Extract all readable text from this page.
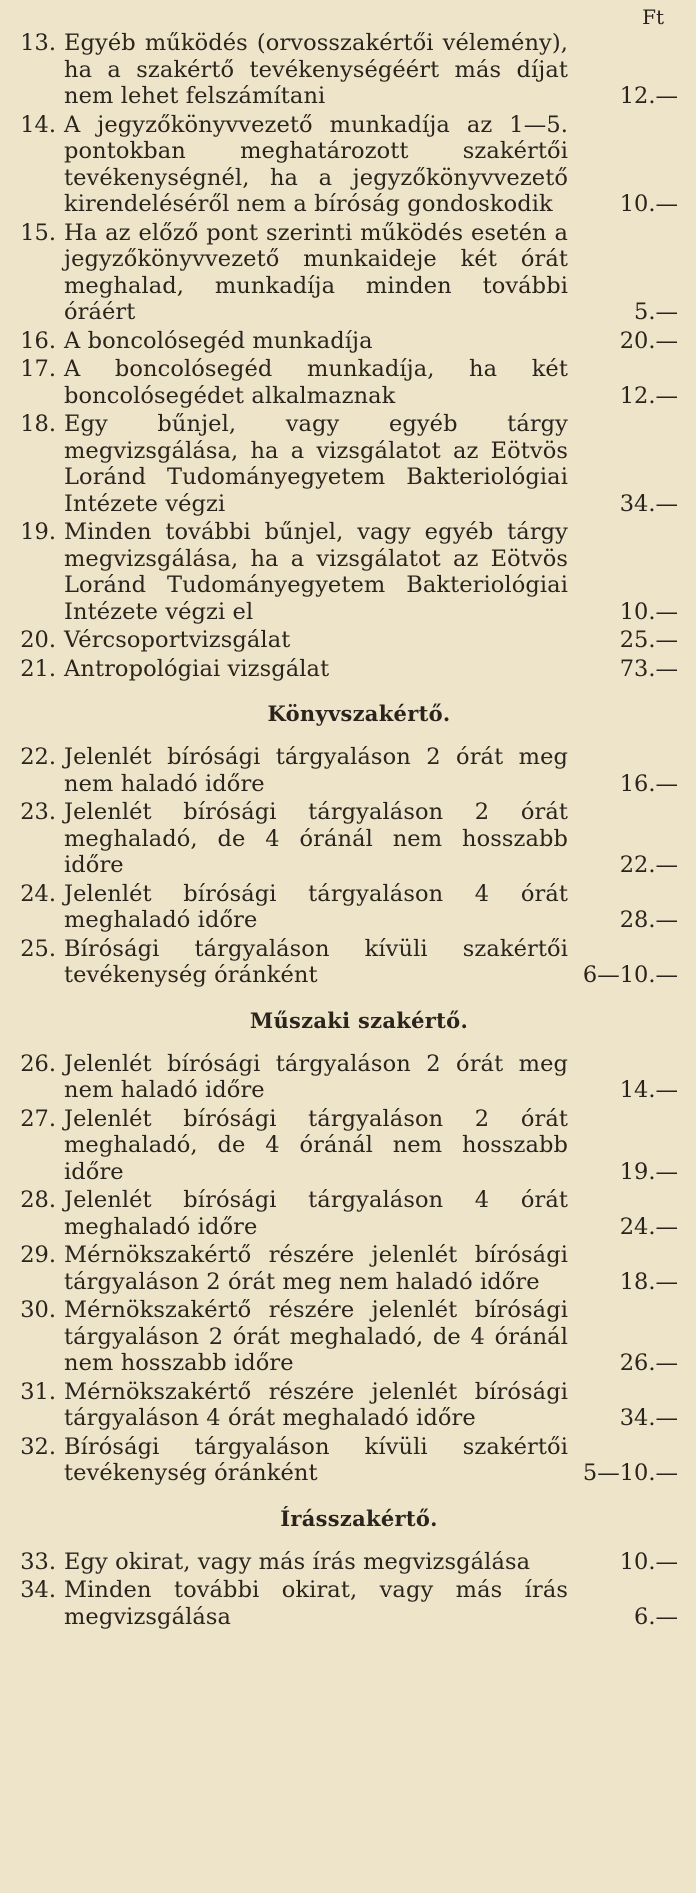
Ft
13. Egyéb működés (orvosszakértői vélemény), ha a szakértő tevékenységéért más díjat nem lehet felszámítani	12.—
14. A jegyzőkönyvvezető munkadíja az 1—5. pontokban meghatározott szakértői tevékenységnél, ha a jegyzőkönyvvezető kirendeléséről nem a bíróság gondoskodik	10.—
15. Ha az előző pont szerinti működés esetén a jegyzőkönyvvezető munkaideje két órát meghalad, munkadíja minden további óráért	5.—
16. A boncolósegéd munkadíja	20.—
17. A boncolósegéd munkadíja, ha két boncolósegédet alkalmaznak	12.—
18. Egy bűnjel, vagy egyéb tárgy megvizsgálása, ha a vizsgálatot az Eötvös Loránd Tudományegyetem Bakteriológiai Intézete végzi	34.—
19. Minden további bűnjel, vagy egyéb tárgy megvizsgálása, ha a vizsgálatot az Eötvös Loránd Tudományegyetem Bakteriológiai Intézete végzi el	10.—
20. Vércsoportvizsgálat	25.—
21. Antropológiai vizsgálat	73.—
Könyvszakértő.
22. Jelenlét bírósági tárgyaláson 2 órát meg nem haladó időre	16.—
23. Jelenlét bírósági tárgyaláson 2 órát meghaladó, de 4 óránál nem hosszabb időre	22.—
24. Jelenlét bírósági tárgyaláson 4 órát meghaladó időre	28.—
25. Bírósági tárgyaláson kívüli szakértői tevékenység óránként	6—10.—
Műszaki szakértő.
26. Jelenlét bírósági tárgyaláson 2 órát meg nem haladó időre	14.—
27. Jelenlét bírósági tárgyaláson 2 órát meghaladó, de 4 óránál nem hosszabb időre	19.—
28. Jelenlét bírósági tárgyaláson 4 órát meghaladó időre	24.—
29. Mérnökszakértő részére jelenlét bírósági tárgyaláson 2 órát meg nem haladó időre	18.—
30. Mérnökszakértő részére jelenlét bírósági tárgyaláson 2 órát meghaladó, de 4 óránál nem hosszabb időre	26.—
31. Mérnökszakértő részére jelenlét bírósági tárgyaláson 4 órát meghaladó időre	34.—
32. Bírósági tárgyaláson kívüli szakértői tevékenység óránként	5—10.—
Írásszakértő.
33. Egy okirat, vagy más írás megvizsgálása	10.—
34. Minden további okirat, vagy más írás megvizsgálása	6.—
